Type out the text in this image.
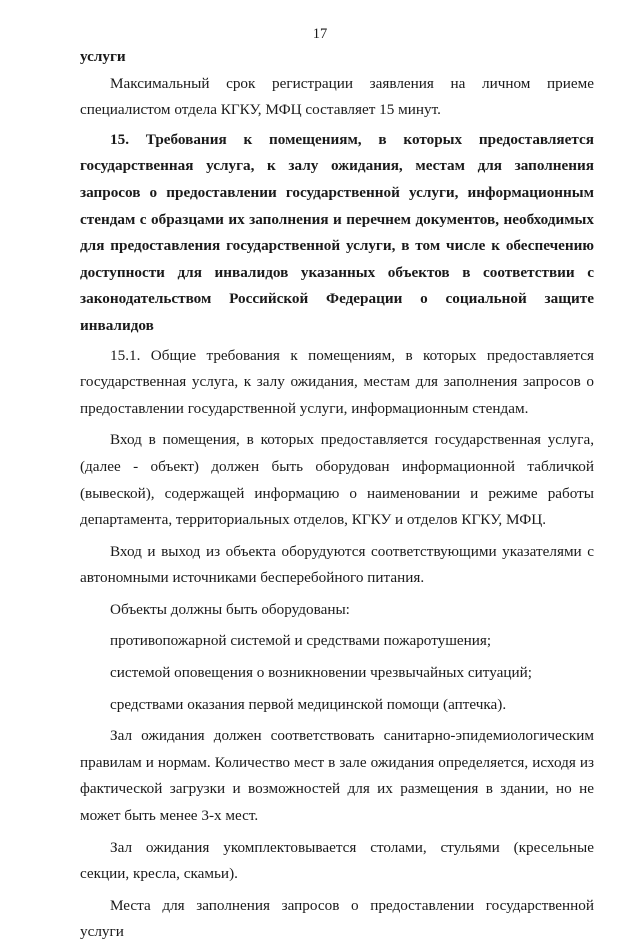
17

услуги

Максимальный срок регистрации заявления на личном приеме специалистом отдела КГКУ, МФЦ составляет 15 минут.

15. Требования к помещениям, в которых предоставляется государственная услуга, к залу ожидания, местам для заполнения запросов о предоставлении государственной услуги, информационным стендам с образцами их заполнения и перечнем документов, необходимых для предоставления государственной услуги, в том числе к обеспечению доступности для инвалидов указанных объектов в соответствии с законодательством Российской Федерации о социальной защите инвалидов

15.1. Общие требования к помещениям, в которых предоставляется государственная услуга, к залу ожидания, местам для заполнения запросов о предоставлении государственной услуги, информационным стендам.

Вход в помещения, в которых предоставляется государственная услуга, (далее - объект) должен быть оборудован информационной табличкой (вывеской), содержащей информацию о наименовании и режиме работы департамента, территориальных отделов, КГКУ и отделов КГКУ, МФЦ.

Вход и выход из объекта оборудуются соответствующими указателями с автономными источниками бесперебойного питания.

Объекты должны быть оборудованы:

противопожарной системой и средствами пожаротушения;

системой оповещения о возникновении чрезвычайных ситуаций;

средствами оказания первой медицинской помощи (аптечка).

Зал ожидания должен соответствовать санитарно-эпидемиологическим правилам и нормам. Количество мест в зале ожидания определяется, исходя из фактической загрузки и возможностей для их размещения в здании, но не может быть менее 3-х мест.

Зал ожидания укомплектовывается столами, стульями (кресельные секции, кресла, скамьи).

Места для заполнения запросов о предоставлении государственной услуги
